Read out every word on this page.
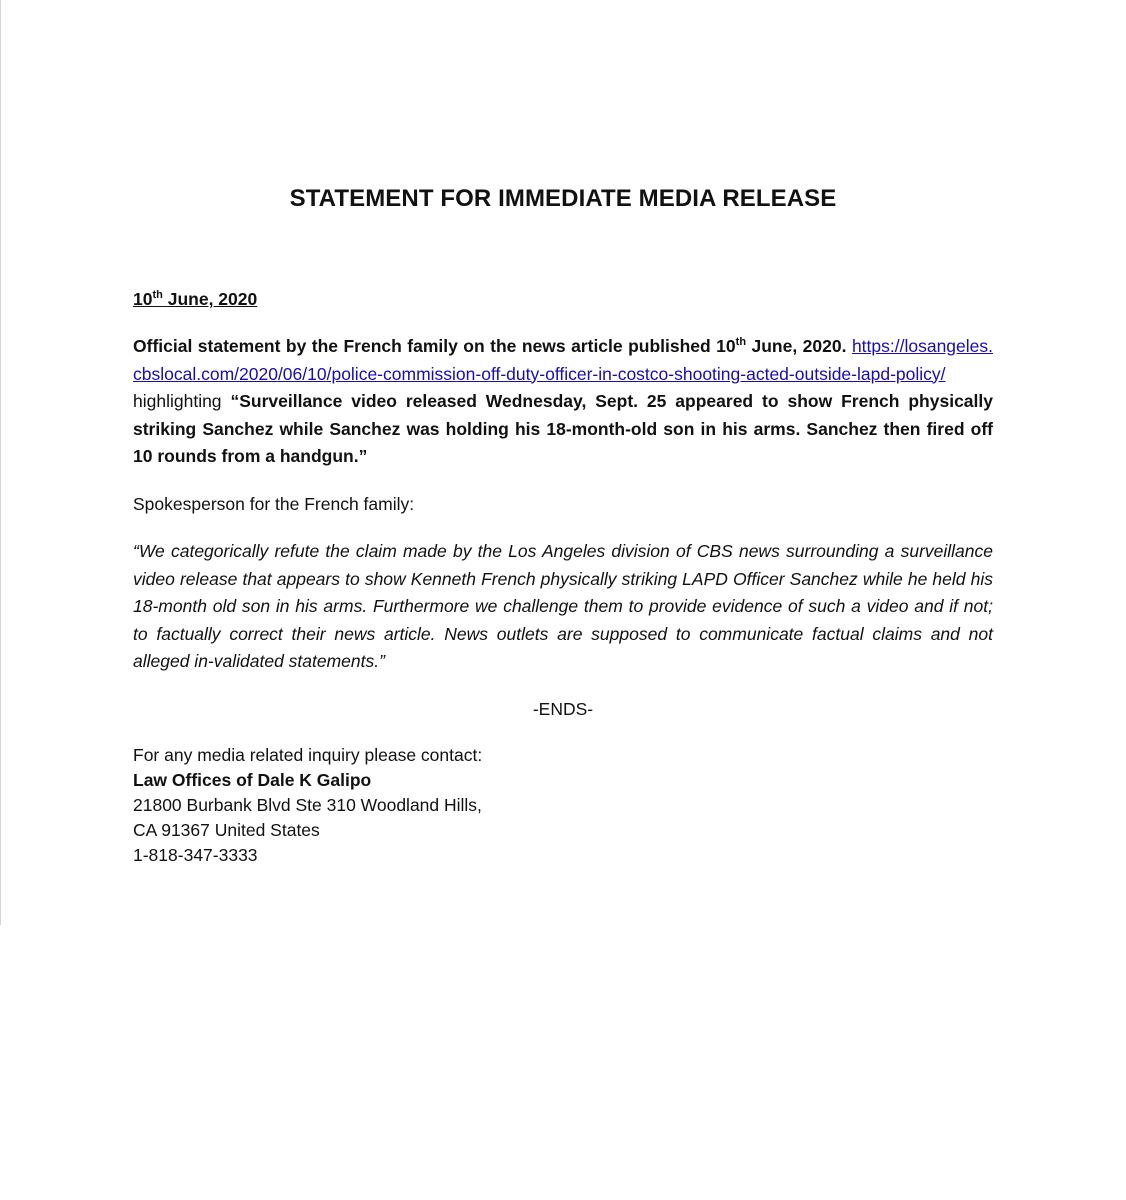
STATEMENT FOR IMMEDIATE MEDIA RELEASE
10th June, 2020

Official statement by the French family on the news article published 10th June, 2020. https://losangeles.cbslocal.com/2020/06/10/police-commission-off-duty-officer-in-costco-shooting-acted-outside-lapd-policy/ highlighting “Surveillance video released Wednesday, Sept. 25 appeared to show French physically striking Sanchez while Sanchez was holding his 18-month-old son in his arms. Sanchez then fired off 10 rounds from a handgun.”

Spokesperson for the French family:

“We categorically refute the claim made by the Los Angeles division of CBS news surrounding a surveillance video release that appears to show Kenneth French physically striking LAPD Officer Sanchez while he held his 18-month old son in his arms. Furthermore we challenge them to provide evidence of such a video and if not; to factually correct their news article. News outlets are supposed to communicate factual claims and not alleged in-validated statements.”

-ENDS-

For any media related inquiry please contact:
Law Offices of Dale K Galipo
21800 Burbank Blvd Ste 310 Woodland Hills,
CA 91367 United States
1-818-347-3333
